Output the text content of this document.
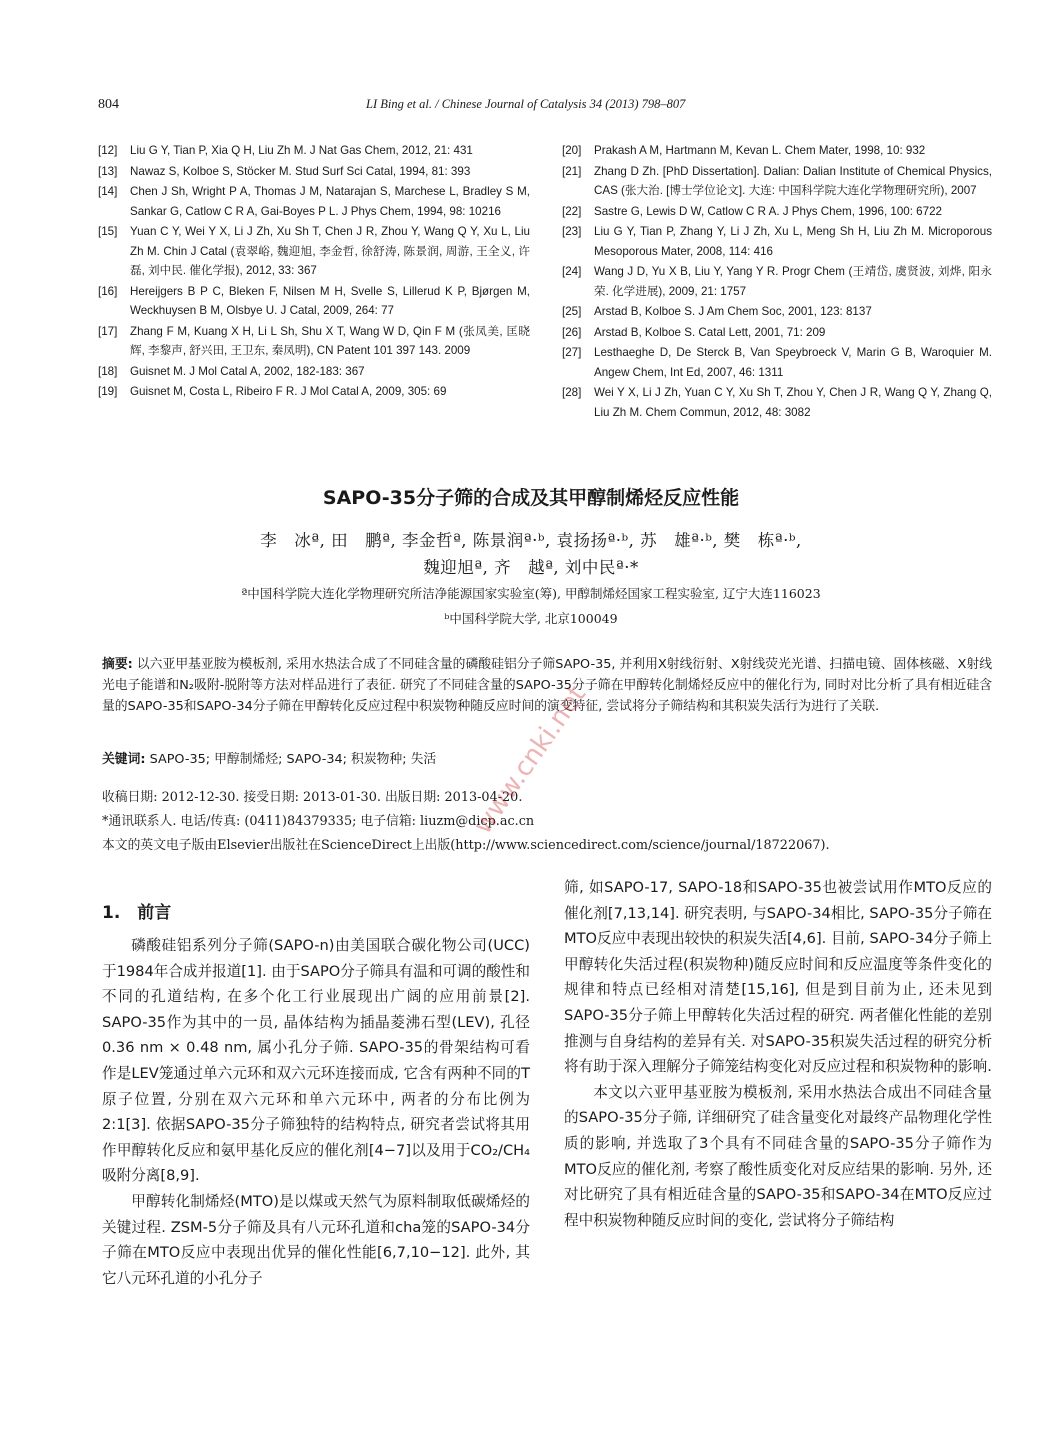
804	LI Bing et al. / Chinese Journal of Catalysis 34 (2013) 798–807
[12] Liu G Y, Tian P, Xia Q H, Liu Zh M. J Nat Gas Chem, 2012, 21: 431
[13] Nawaz S, Kolboe S, Stöcker M. Stud Surf Sci Catal, 1994, 81: 393
[14] Chen J Sh, Wright P A, Thomas J M, Natarajan S, Marchese L, Bradley S M, Sankar G, Catlow C R A, Gai-Boyes P L. J Phys Chem, 1994, 98: 10216
[15] Yuan C Y, Wei Y X, Li J Zh, Xu Sh T, Chen J R, Zhou Y, Wang Q Y, Xu L, Liu Zh M. Chin J Catal (袁翠峪, 魏迎旭, 李金哲, 徐舒涛, 陈景润, 周游, 王全义, 许磊, 刘中民. 催化学报), 2012, 33: 367
[16] Hereijgers B P C, Bleken F, Nilsen M H, Svelle S, Lillerud K P, Bjørgen M, Weckhuysen B M, Olsbye U. J Catal, 2009, 264: 77
[17] Zhang F M, Kuang X H, Li L Sh, Shu X T, Wang W D, Qin F M (张凤美, 匡晓辉, 李黎声, 舒兴田, 王卫东, 秦凤明), CN Patent 101 397 143. 2009
[18] Guisnet M. J Mol Catal A, 2002, 182-183: 367
[19] Guisnet M, Costa L, Ribeiro F R. J Mol Catal A, 2009, 305: 69
[20] Prakash A M, Hartmann M, Kevan L. Chem Mater, 1998, 10: 932
[21] Zhang D Zh. [PhD Dissertation]. Dalian: Dalian Institute of Chemical Physics, CAS (张大治. [博士学位论文]. 大连: 中国科学院大连化学物理研究所), 2007
[22] Sastre G, Lewis D W, Catlow C R A. J Phys Chem, 1996, 100: 6722
[23] Liu G Y, Tian P, Zhang Y, Li J Zh, Xu L, Meng Sh H, Liu Zh M. Microporous Mesoporous Mater, 2008, 114: 416
[24] Wang J D, Yu X B, Liu Y, Yang Y R. Progr Chem (王靖岱, 虞贤波, 刘烨, 阳永荣. 化学进展), 2009, 21: 1757
[25] Arstad B, Kolboe S. J Am Chem Soc, 2001, 123: 8137
[26] Arstad B, Kolboe S. Catal Lett, 2001, 71: 209
[27] Lesthaeghe D, De Sterck B, Van Speybroeck V, Marin G B, Waroquier M. Angew Chem, Int Ed, 2007, 46: 1311
[28] Wei Y X, Li J Zh, Yuan C Y, Xu Sh T, Zhou Y, Chen J R, Wang Q Y, Zhang Q, Liu Zh M. Chem Commun, 2012, 48: 3082
SAPO-35分子筛的合成及其甲醇制烯烃反应性能
李　冰ª, 田　鹏ª, 李金哲ª, 陈景润ª·ᵇ, 袁扬扬ª·ᵇ, 苏　雄ª·ᵇ, 樊　栋ª·ᵇ,
魏迎旭ª, 齐　越ª, 刘中民ª·*
ª中国科学院大连化学物理研究所洁净能源国家实验室(筹), 甲醇制烯烃国家工程实验室, 辽宁大连116023
ᵇ中国科学院大学, 北京100049
摘要: 以六亚甲基亚胺为模板剂, 采用水热法合成了不同硅含量的磷酸硅铝分子筛SAPO-35, 并利用X射线衍射、X射线荧光光谱、扫描电镜、固体核磁、X射线光电子能谱和N₂吸附-脱附等方法对样品进行了表征. 研究了不同硅含量的SAPO-35分子筛在甲醇转化制烯烃反应中的催化行为, 同时对比分析了具有相近硅含量的SAPO-35和SAPO-34分子筛在甲醇转化反应过程中积炭物种随反应时间的演变特征, 尝试将分子筛结构和其积炭失活行为进行了关联.
关键词: SAPO-35; 甲醇制烯烃; SAPO-34; 积炭物种; 失活
收稿日期: 2012-12-30. 接受日期: 2013-01-30. 出版日期: 2013-04-20.
*通讯联系人. 电话/传真: (0411)84379335; 电子信箱: liuzm@dicp.ac.cn
本文的英文电子版由Elsevier出版社在ScienceDirect上出版(http://www.sciencedirect.com/science/journal/18722067).
1.　前言

磷酸硅铝系列分子筛(SAPO-n)由美国联合碳化物公司(UCC)于1984年合成并报道[1]. 由于SAPO分子筛具有温和可调的酸性和不同的孔道结构, 在多个化工行业展现出广阔的应用前景[2]. SAPO-35作为其中的一员, 晶体结构为插晶菱沸石型(LEV), 孔径0.36 nm × 0.48 nm, 属小孔分子筛. SAPO-35的骨架结构可看作是LEV笼通过单六元环和双六元环连接而成, 它含有两种不同的T原子位置, 分别在双六元环和单六元环中, 两者的分布比例为2:1[3]. 依据SAPO-35分子筛独特的结构特点, 研究者尝试将其用作甲醇转化反应和氨甲基化反应的催化剂[4−7]以及用于CO₂/CH₄吸附分离[8,9].

甲醇转化制烯烃(MTO)是以煤或天然气为原料制取低碳烯烃的关键过程. ZSM-5分子筛及具有八元环孔道和cha笼的SAPO-34分子筛在MTO反应中表现出优异的催化性能[6,7,10−12]. 此外, 其它八元环孔道的小孔分子

筛, 如SAPO-17, SAPO-18和SAPO-35也被尝试用作MTO反应的催化剂[7,13,14]. 研究表明, 与SAPO-34相比, SAPO-35分子筛在MTO反应中表现出较快的积炭失活[4,6]. 目前, SAPO-34分子筛上甲醇转化失活过程(积炭物种)随反应时间和反应温度等条件变化的规律和特点已经相对清楚[15,16], 但是到目前为止, 还未见到SAPO-35分子筛上甲醇转化失活过程的研究. 两者催化性能的差别推测与自身结构的差异有关. 对SAPO-35积炭失活过程的研究分析将有助于深入理解分子筛笼结构变化对反应过程和积炭物种的影响.

本文以六亚甲基亚胺为模板剂, 采用水热法合成出不同硅含量的SAPO-35分子筛, 详细研究了硅含量变化对最终产品物理化学性质的影响, 并选取了3个具有不同硅含量的SAPO-35分子筛作为MTO反应的催化剂, 考察了酸性质变化对反应结果的影响. 另外, 还对比研究了具有相近硅含量的SAPO-35和SAPO-34在MTO反应过程中积炭物种随反应时间的变化, 尝试将分子筛结构

www.cnki.net
